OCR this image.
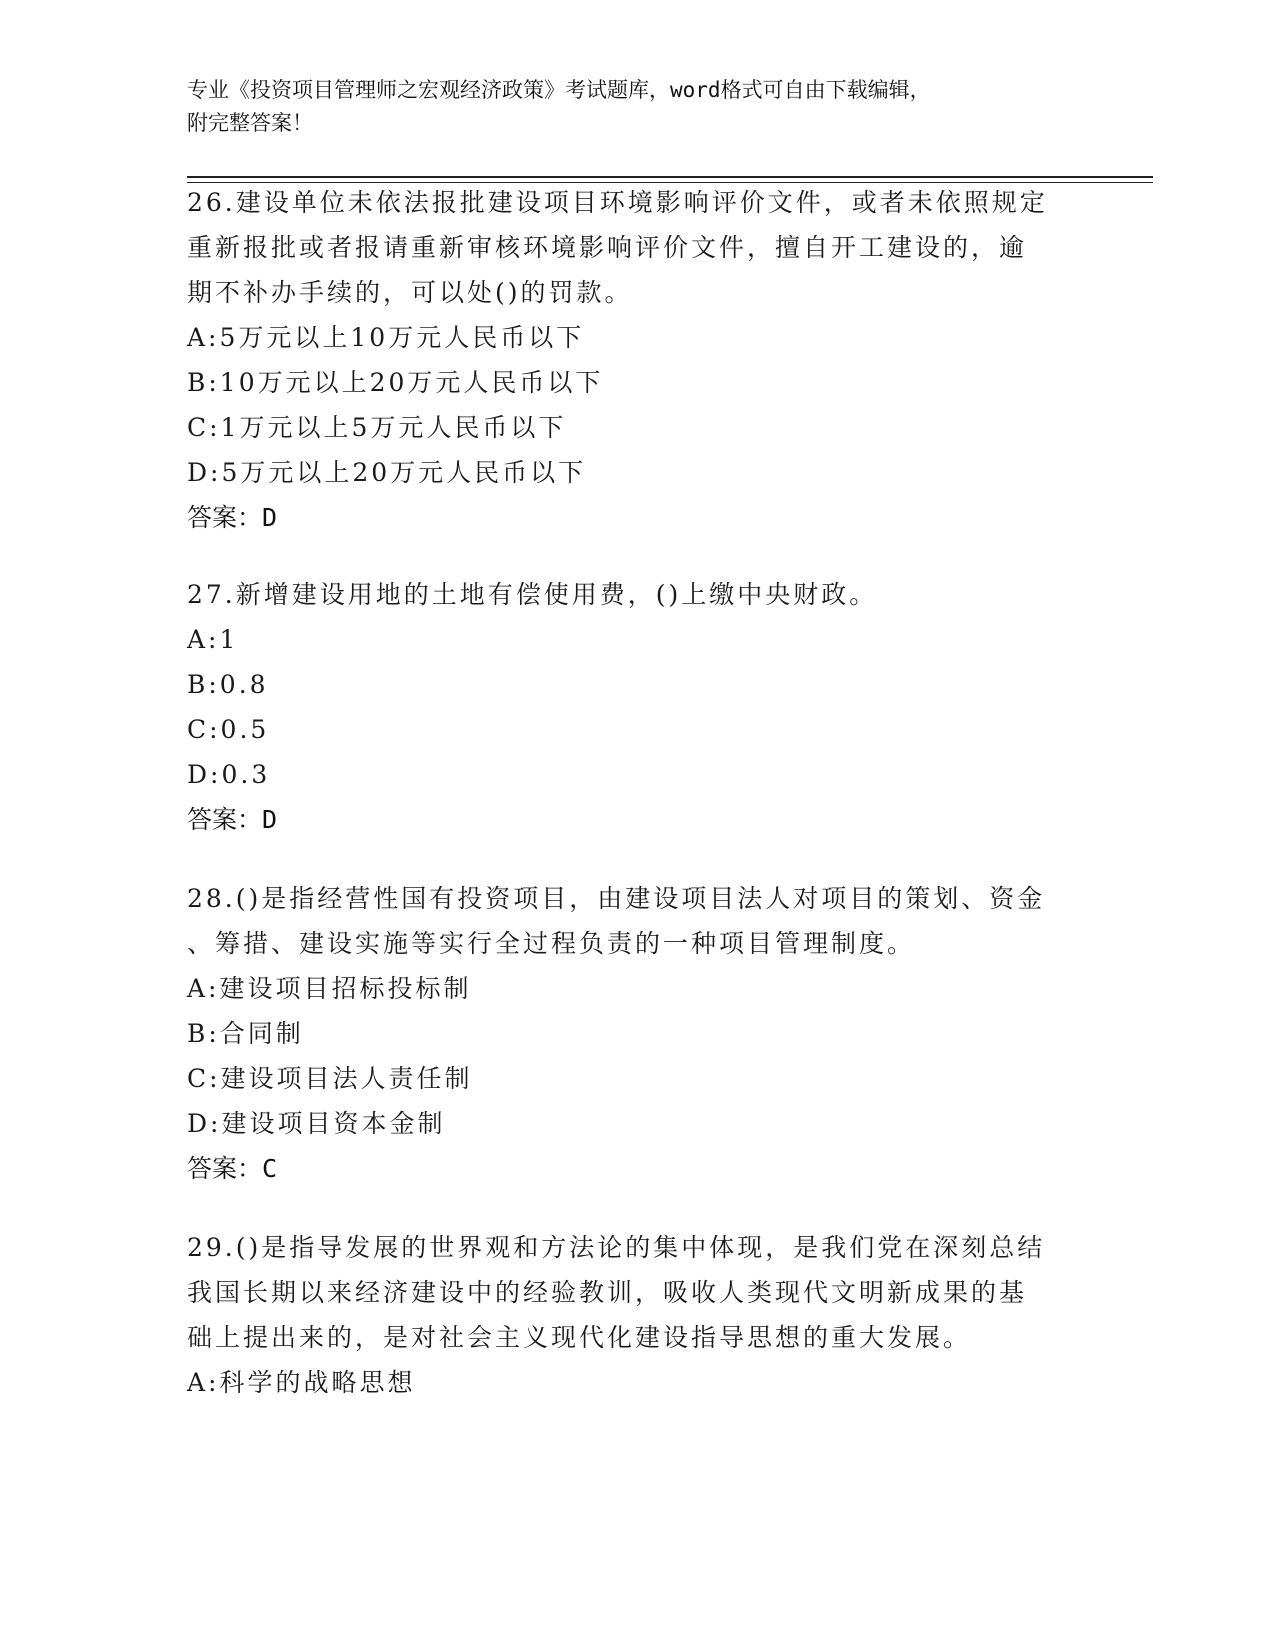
专业《投资项目管理师之宏观经济政策》考试题库，word格式可自由下载编辑，
附完整答案！
26.建设单位未依法报批建设项目环境影响评价文件，或者未依照规定
重新报批或者报请重新审核环境影响评价文件，擅自开工建设的，逾
期不补办手续的，可以处()的罚款。
A:5万元以上10万元人民币以下
B:10万元以上20万元人民币以下
C:1万元以上5万元人民币以下
D:5万元以上20万元人民币以下
答案：D
27.新增建设用地的土地有偿使用费，()上缴中央财政。
A:1
B:0.8
C:0.5
D:0.3
答案：D
28.()是指经营性国有投资项目，由建设项目法人对项目的策划、资金
、筹措、建设实施等实行全过程负责的一种项目管理制度。
A:建设项目招标投标制
B:合同制
C:建设项目法人责任制
D:建设项目资本金制
答案：C
29.()是指导发展的世界观和方法论的集中体现，是我们党在深刻总结
我国长期以来经济建设中的经验教训，吸收人类现代文明新成果的基
础上提出来的，是对社会主义现代化建设指导思想的重大发展。
A:科学的战略思想
